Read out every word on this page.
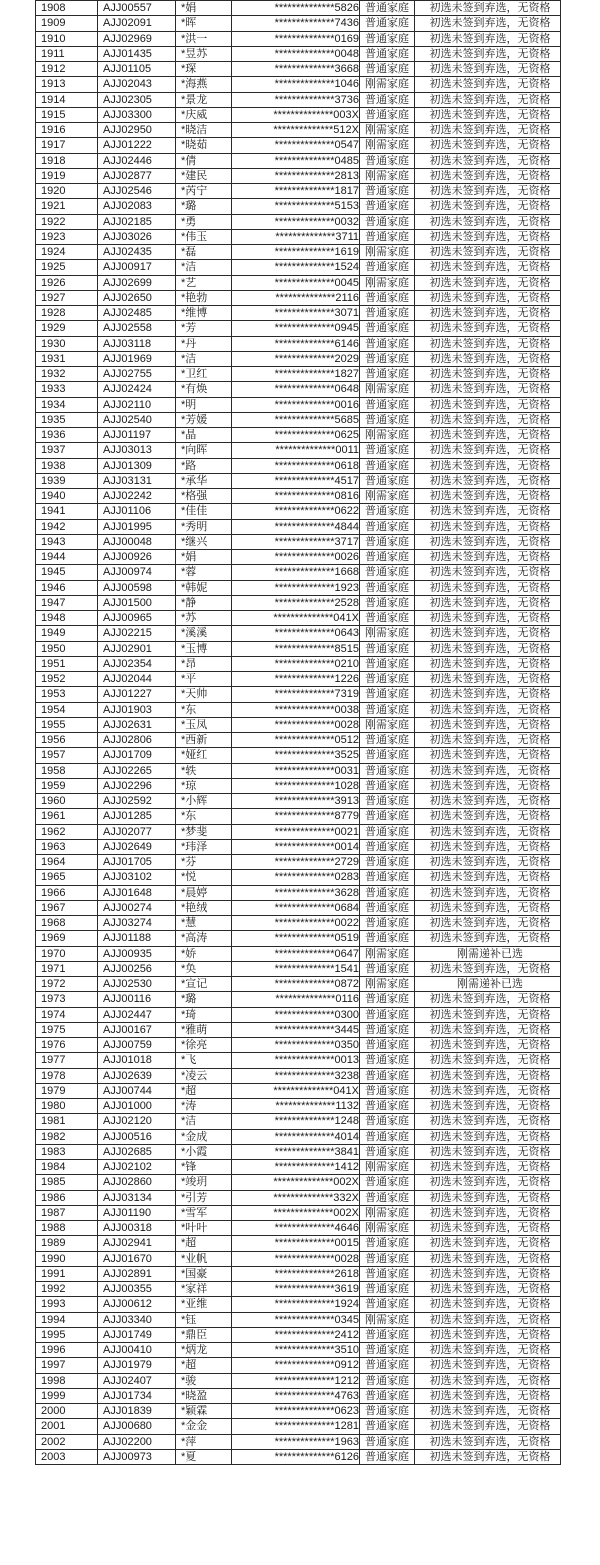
1908	AJJ00557	*娟	**************5826	普通家庭	初选未签到弃选，无资格
1909	AJJ02091	*晖	**************7436	普通家庭	初选未签到弃选，无资格
1910	AJJ02969	*洪一	**************0169	普通家庭	初选未签到弃选，无资格
1911	AJJ01435	*昱苏	**************0048	普通家庭	初选未签到弃选，无资格
1912	AJJ01105	*琛	**************3668	普通家庭	初选未签到弃选，无资格
1913	AJJ02043	*海燕	**************1046	刚需家庭	初选未签到弃选，无资格
1914	AJJ02305	*景龙	**************3736	普通家庭	初选未签到弃选，无资格
1915	AJJ03300	*庆威	**************003X	普通家庭	初选未签到弃选，无资格
1916	AJJ02950	*晓洁	**************512X	刚需家庭	初选未签到弃选，无资格
1917	AJJ01222	*晓茹	**************0547	刚需家庭	初选未签到弃选，无资格
1918	AJJ02446	*倩	**************0485	普通家庭	初选未签到弃选，无资格
1919	AJJ02877	*建民	**************2813	刚需家庭	初选未签到弃选，无资格
1920	AJJ02546	*芮宁	**************1817	普通家庭	初选未签到弃选，无资格
1921	AJJ02083	*璐	**************5153	普通家庭	初选未签到弃选，无资格
1922	AJJ02185	*勇	**************0032	普通家庭	初选未签到弃选，无资格
1923	AJJ03026	*伟玉	**************3711	普通家庭	初选未签到弃选，无资格
1924	AJJ02435	*磊	**************1619	刚需家庭	初选未签到弃选，无资格
1925	AJJ00917	*洁	**************1524	普通家庭	初选未签到弃选，无资格
1926	AJJ02699	*艺	**************0045	刚需家庭	初选未签到弃选，无资格
1927	AJJ02650	*艳勃	**************2116	普通家庭	初选未签到弃选，无资格
1928	AJJ02485	*维博	**************3071	普通家庭	初选未签到弃选，无资格
1929	AJJ02558	*芳	**************0945	普通家庭	初选未签到弃选，无资格
1930	AJJ03118	*丹	**************6146	普通家庭	初选未签到弃选，无资格
1931	AJJ01969	*洁	**************2029	普通家庭	初选未签到弃选，无资格
1932	AJJ02755	*卫红	**************1827	普通家庭	初选未签到弃选，无资格
1933	AJJ02424	*有焕	**************0648	刚需家庭	初选未签到弃选，无资格
1934	AJJ02110	*明	**************0016	普通家庭	初选未签到弃选，无资格
1935	AJJ02540	*芳媛	**************5685	普通家庭	初选未签到弃选，无资格
1936	AJJ01197	*晶	**************0625	刚需家庭	初选未签到弃选，无资格
1937	AJJ03013	*向晖	**************0011	普通家庭	初选未签到弃选，无资格
1938	AJJ01309	*路	**************0618	普通家庭	初选未签到弃选，无资格
1939	AJJ03131	*承华	**************4517	普通家庭	初选未签到弃选，无资格
1940	AJJ02242	*格强	**************0816	刚需家庭	初选未签到弃选，无资格
1941	AJJ01106	*佳佳	**************0622	普通家庭	初选未签到弃选，无资格
1942	AJJ01995	*秀明	**************4844	普通家庭	初选未签到弃选，无资格
1943	AJJ00048	*继兴	**************3717	普通家庭	初选未签到弃选，无资格
1944	AJJ00926	*娟	**************0026	普通家庭	初选未签到弃选，无资格
1945	AJJ00974	*蓉	**************1668	普通家庭	初选未签到弃选，无资格
1946	AJJ00598	*韩妮	**************1923	普通家庭	初选未签到弃选，无资格
1947	AJJ01500	*静	**************2528	普通家庭	初选未签到弃选，无资格
1948	AJJ00965	*苏	**************041X	普通家庭	初选未签到弃选，无资格
1949	AJJ02215	*溪溪	**************0643	刚需家庭	初选未签到弃选，无资格
1950	AJJ02901	*玉博	**************8515	普通家庭	初选未签到弃选，无资格
1951	AJJ02354	*昂	**************0210	普通家庭	初选未签到弃选，无资格
1952	AJJ02044	*平	**************1226	普通家庭	初选未签到弃选，无资格
1953	AJJ01227	*天帅	**************7319	普通家庭	初选未签到弃选，无资格
1954	AJJ01903	*东	**************0038	普通家庭	初选未签到弃选，无资格
1955	AJJ02631	*玉凤	**************0028	刚需家庭	初选未签到弃选，无资格
1956	AJJ02806	*西新	**************0512	普通家庭	初选未签到弃选，无资格
1957	AJJ01709	*娅红	**************3525	普通家庭	初选未签到弃选，无资格
1958	AJJ02265	*轶	**************0031	普通家庭	初选未签到弃选，无资格
1959	AJJ02296	*琼	**************1028	普通家庭	初选未签到弃选，无资格
1960	AJJ02592	*小辉	**************3913	普通家庭	初选未签到弃选，无资格
1961	AJJ01285	*东	**************8779	普通家庭	初选未签到弃选，无资格
1962	AJJ02077	*梦斐	**************0021	普通家庭	初选未签到弃选，无资格
1963	AJJ02649	*玮泽	**************0014	普通家庭	初选未签到弃选，无资格
1964	AJJ01705	*芬	**************2729	普通家庭	初选未签到弃选，无资格
1965	AJJ03102	*悦	**************0283	普通家庭	初选未签到弃选，无资格
1966	AJJ01648	*晨婷	**************3628	普通家庭	初选未签到弃选，无资格
1967	AJJ00274	*艳绒	**************0684	普通家庭	初选未签到弃选，无资格
1968	AJJ03274	*慧	**************0022	普通家庭	初选未签到弃选，无资格
1969	AJJ01188	*高涛	**************0519	普通家庭	初选未签到弃选，无资格
1970	AJJ00935	*娇	**************0647	刚需家庭	刚需递补已选
1971	AJJ00256	*奂	**************1541	普通家庭	初选未签到弃选，无资格
1972	AJJ02530	*宣记	**************0872	刚需家庭	刚需递补已选
1973	AJJ00116	*璐	**************0116	普通家庭	初选未签到弃选，无资格
1974	AJJ02447	*琦	**************0300	普通家庭	初选未签到弃选，无资格
1975	AJJ00167	*雅萌	**************3445	普通家庭	初选未签到弃选，无资格
1976	AJJ00759	*徐亮	**************0350	普通家庭	初选未签到弃选，无资格
1977	AJJ01018	*飞	**************0013	普通家庭	初选未签到弃选，无资格
1978	AJJ02639	*凌云	**************3238	普通家庭	初选未签到弃选，无资格
1979	AJJ00744	*超	**************041X	普通家庭	初选未签到弃选，无资格
1980	AJJ01000	*涛	**************1132	普通家庭	初选未签到弃选，无资格
1981	AJJ02120	*洁	**************1248	普通家庭	初选未签到弃选，无资格
1982	AJJ00516	*金成	**************4014	普通家庭	初选未签到弃选，无资格
1983	AJJ02685	*小霞	**************3841	普通家庭	初选未签到弃选，无资格
1984	AJJ02102	*锋	**************1412	刚需家庭	初选未签到弃选，无资格
1985	AJJ02860	*竣玥	**************002X	普通家庭	初选未签到弃选，无资格
1986	AJJ03134	*引芳	**************332X	普通家庭	初选未签到弃选，无资格
1987	AJJ01190	*雪军	**************002X	刚需家庭	初选未签到弃选，无资格
1988	AJJ00318	*叶叶	**************4646	刚需家庭	初选未签到弃选，无资格
1989	AJJ02941	*超	**************0015	普通家庭	初选未签到弃选，无资格
1990	AJJ01670	*业帆	**************0028	普通家庭	初选未签到弃选，无资格
1991	AJJ02891	*国豪	**************2618	普通家庭	初选未签到弃选，无资格
1992	AJJ00355	*家祥	**************3619	普通家庭	初选未签到弃选，无资格
1993	AJJ00612	*亚维	**************1924	普通家庭	初选未签到弃选，无资格
1994	AJJ03340	*钰	**************0345	刚需家庭	初选未签到弃选，无资格
1995	AJJ01749	*鼎臣	**************2412	普通家庭	初选未签到弃选，无资格
1996	AJJ00410	*炳龙	**************3510	普通家庭	初选未签到弃选，无资格
1997	AJJ01979	*超	**************0912	普通家庭	初选未签到弃选，无资格
1998	AJJ02407	*骏	**************1212	普通家庭	初选未签到弃选，无资格
1999	AJJ01734	*晓盈	**************4763	普通家庭	初选未签到弃选，无资格
2000	AJJ01839	*颖霖	**************0623	普通家庭	初选未签到弃选，无资格
2001	AJJ00680	*金金	**************1281	普通家庭	初选未签到弃选，无资格
2002	AJJ02200	*萍	**************1963	普通家庭	初选未签到弃选，无资格
2003	AJJ00973	*夏	**************6126	普通家庭	初选未签到弃选，无资格
